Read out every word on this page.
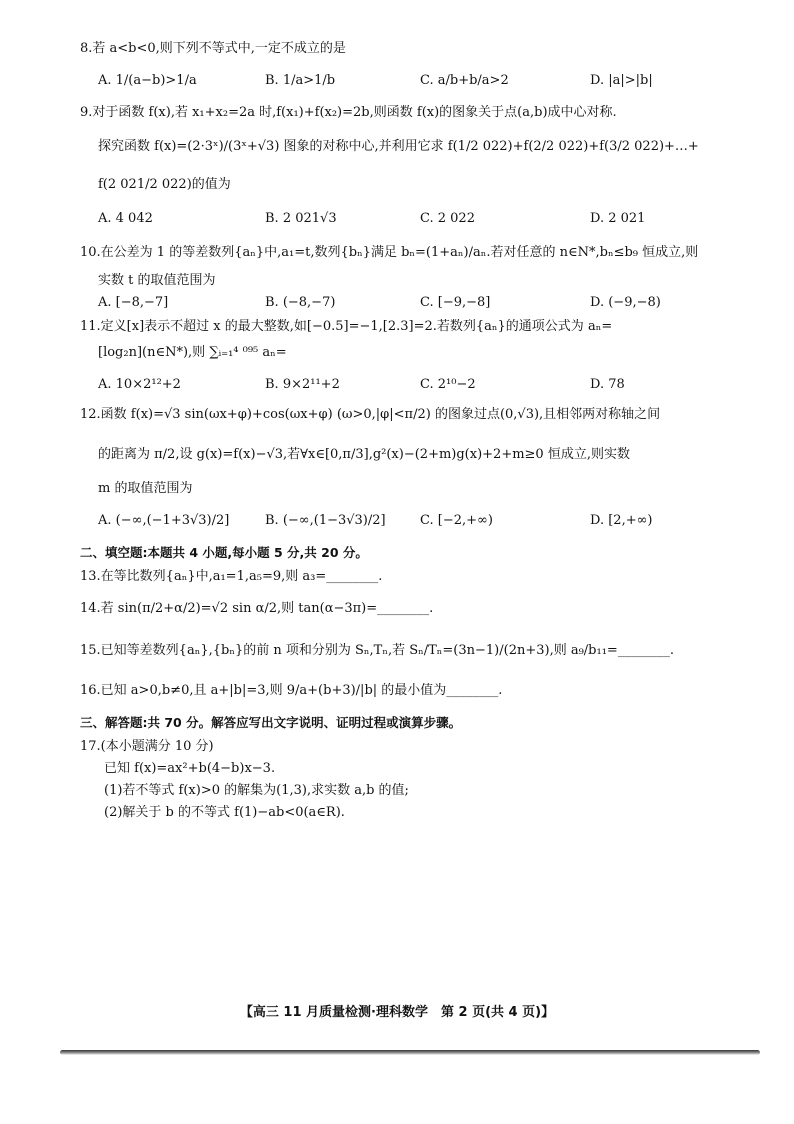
8.若 a<b<0,则下列不等式中,一定不成立的是
A. 1/(a−b)>1/a	B. 1/a>1/b	C. a/b+b/a>2	D. |a|>|b|
9.对于函数 f(x),若 x₁+x₂=2a 时,f(x₁)+f(x₂)=2b,则函数 f(x)的图象关于点(a,b)成中心对称.
探究函数 f(x)=(2·3ˣ)/(3ˣ+√3) 图象的对称中心,并利用它求 f(1/2 022)+f(2/2 022)+f(3/2 022)+…+
f(2 021/2 022)的值为
A. 4 042	B. 2 021√3	C. 2 022	D. 2 021
10.在公差为 1 的等差数列{aₙ}中,a₁=t,数列{bₙ}满足 bₙ=(1+aₙ)/aₙ.若对任意的 n∈N*,bₙ≤b₉ 恒成立,则
实数 t 的取值范围为
A. [−8,−7]	B. (−8,−7)	C. [−9,−8]	D. (−9,−8)
11.定义[x]表示不超过 x 的最大整数,如[−0.5]=−1,[2.3]=2.若数列{aₙ}的通项公式为 aₙ=
[log₂n](n∈N*),则 ∑ᵢ₌₁⁴ ⁰⁹⁵ aₙ=
A. 10×2¹²+2	B. 9×2¹¹+2	C. 2¹⁰−2	D. 78
12.函数 f(x)=√3 sin(ωx+φ)+cos(ωx+φ) (ω>0,|φ|<π/2) 的图象过点(0,√3),且相邻两对称轴之间
的距离为 π/2,设 g(x)=f(x)−√3,若∀x∈[0,π/3],g²(x)−(2+m)g(x)+2+m≥0 恒成立,则实数
m 的取值范围为
A. (−∞,(−1+3√3)/2]	B. (−∞,(1−3√3)/2]	C. [−2,+∞)	D. [2,+∞)
二、填空题:本题共 4 小题,每小题 5 分,共 20 分。
13.在等比数列{aₙ}中,a₁=1,a₅=9,则 a₃=________.
14.若 sin(π/2+α/2)=√2 sin α/2,则 tan(α−3π)=________.
15.已知等差数列{aₙ},{bₙ}的前 n 项和分别为 Sₙ,Tₙ,若 Sₙ/Tₙ=(3n−1)/(2n+3),则 a₉/b₁₁=________.
16.已知 a>0,b≠0,且 a+|b|=3,则 9/a+(b+3)/|b| 的最小值为________.
三、解答题:共 70 分。解答应写出文字说明、证明过程或演算步骤。
17.(本小题满分 10 分)
已知 f(x)=ax²+b(4−b)x−3.
(1)若不等式 f(x)>0 的解集为(1,3),求实数 a,b 的值;
(2)解关于 b 的不等式 f(1)−ab<0(a∈R).
【高三 11 月质量检测·理科数学　第 2 页(共 4 页)】
